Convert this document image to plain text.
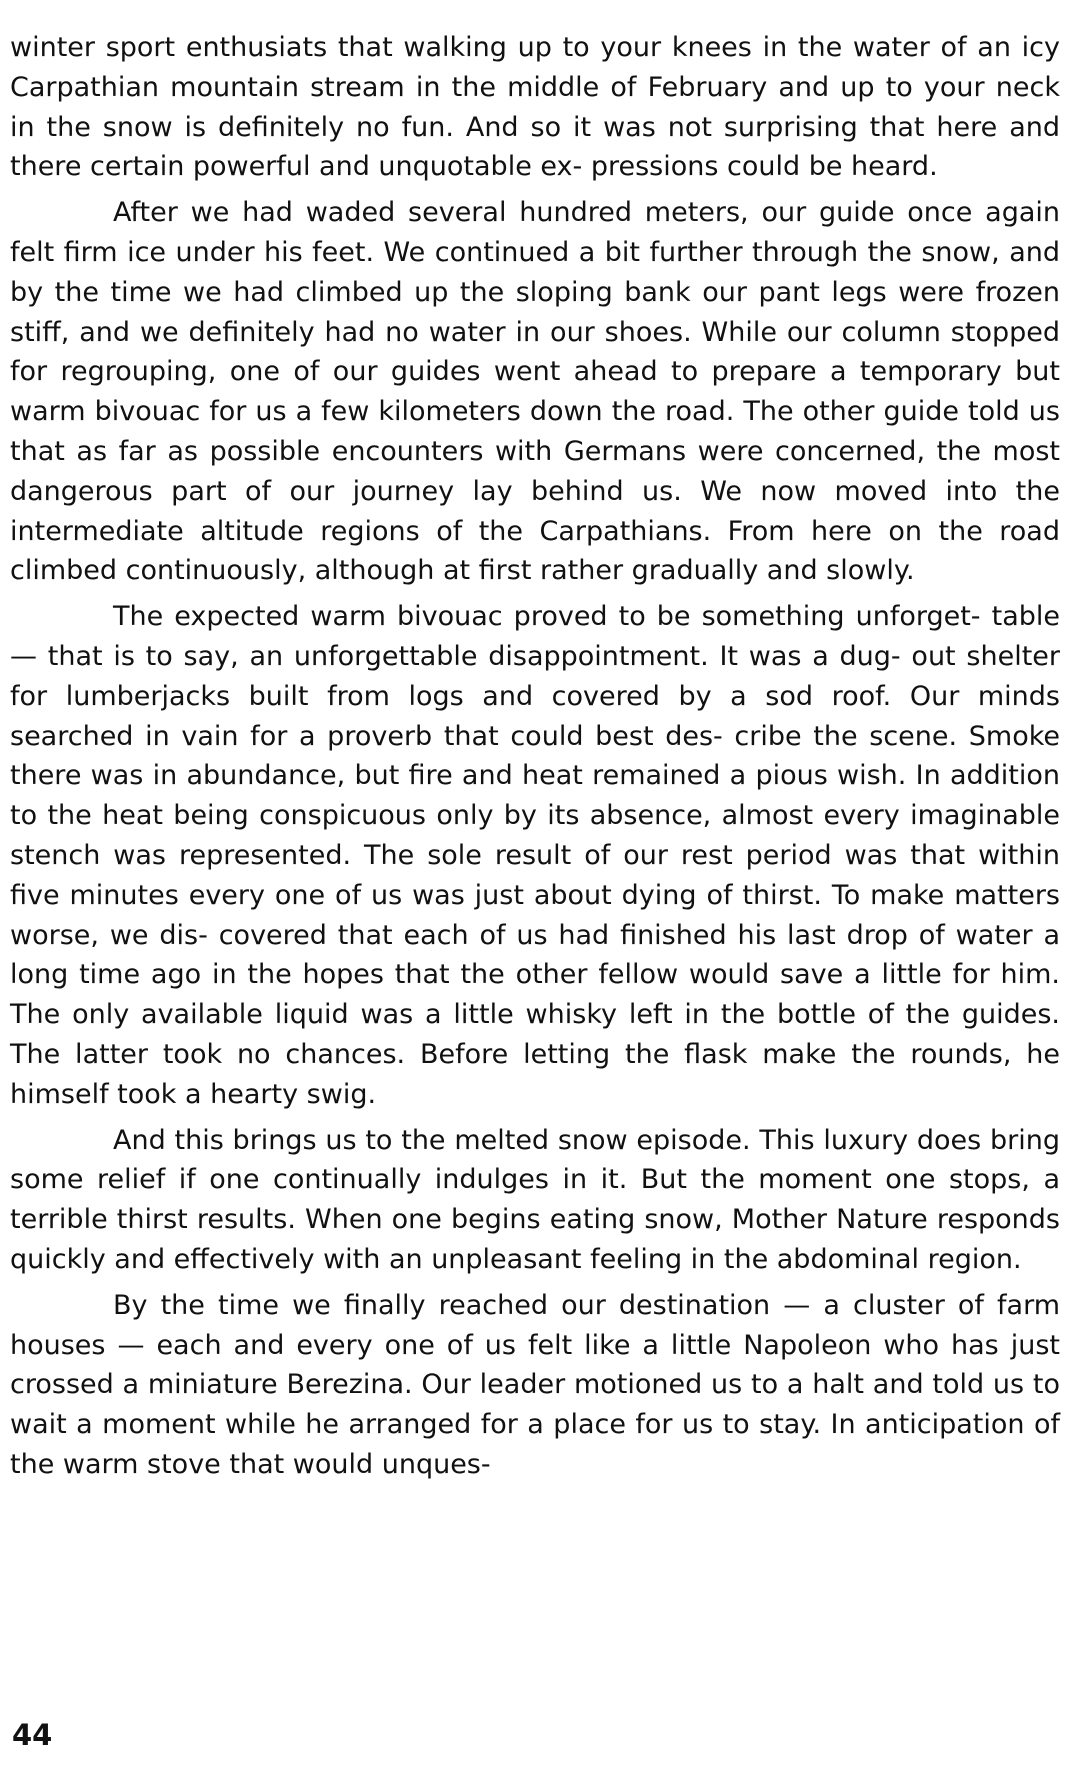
winter sport enthusiats that walking up to your knees in the water of an icy Carpathian mountain stream in the middle of February and up to your neck in the snow is definitely no fun. And so it was not surprising that here and there certain powerful and unquotable ex- pressions could be heard.

After we had waded several hundred meters, our guide once again felt firm ice under his feet. We continued a bit further through the snow, and by the time we had climbed up the sloping bank our pant legs were frozen stiff, and we definitely had no water in our shoes. While our column stopped for regrouping, one of our guides went ahead to prepare a temporary but warm bivouac for us a few kilometers down the road. The other guide told us that as far as possible encounters with Germans were concerned, the most dangerous part of our journey lay behind us. We now moved into the intermediate altitude regions of the Carpathians. From here on the road climbed continuously, although at first rather gradually and slowly.

The expected warm bivouac proved to be something unforget- table — that is to say, an unforgettable disappointment. It was a dug- out shelter for lumberjacks built from logs and covered by a sod roof. Our minds searched in vain for a proverb that could best des- cribe the scene. Smoke there was in abundance, but fire and heat remained a pious wish. In addition to the heat being conspicuous only by its absence, almost every imaginable stench was represented. The sole result of our rest period was that within five minutes every one of us was just about dying of thirst. To make matters worse, we dis- covered that each of us had finished his last drop of water a long time ago in the hopes that the other fellow would save a little for him. The only available liquid was a little whisky left in the bottle of the guides. The latter took no chances. Before letting the flask make the rounds, he himself took a hearty swig.

And this brings us to the melted snow episode. This luxury does bring some relief if one continually indulges in it. But the moment one stops, a terrible thirst results. When one begins eating snow, Mother Nature responds quickly and effectively with an unpleasant feeling in the abdominal region.

By the time we finally reached our destination — a cluster of farm houses — each and every one of us felt like a little Napoleon who has just crossed a miniature Berezina. Our leader motioned us to a halt and told us to wait a moment while he arranged for a place for us to stay. In anticipation of the warm stove that would unques-

44
